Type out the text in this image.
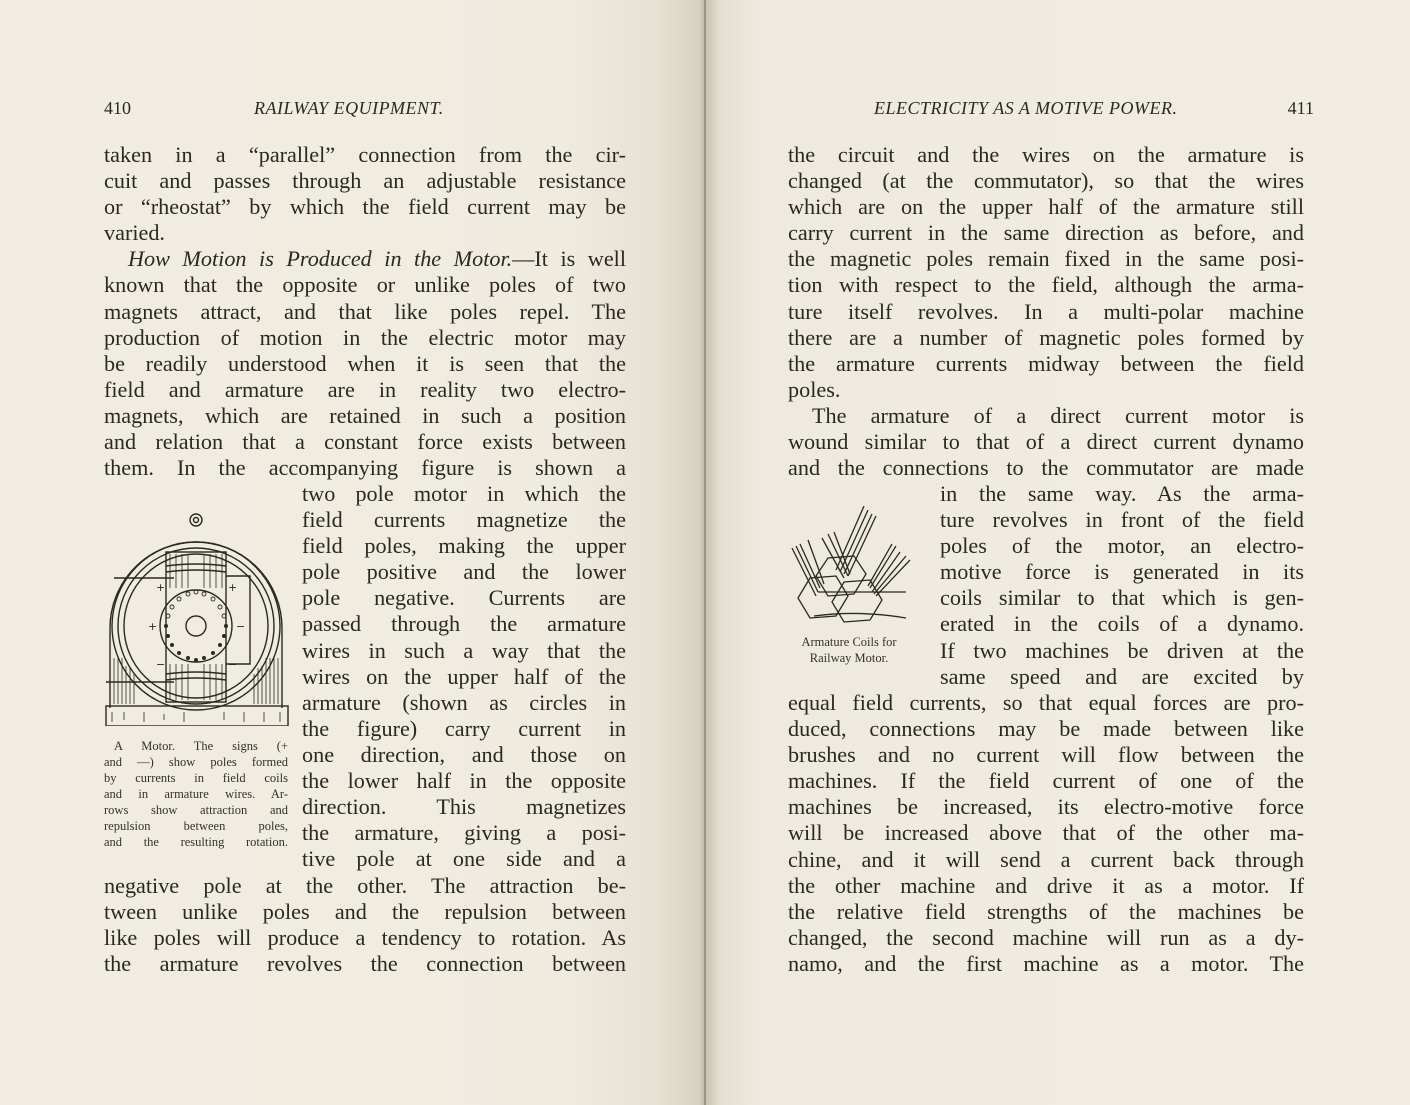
410	RAILWAY EQUIPMENT.
taken in a “parallel” connection from the cir-
cuit and passes through an adjustable resistance
or “rheostat” by which the field current may be
varied.
How Motion is Produced in the Motor.—It is well
known that the opposite or unlike poles of two
magnets attract, and that like poles repel. The
production of motion in the electric motor may
be readily understood when it is seen that the
field and armature are in reality two electro-
magnets, which are retained in such a position
and relation that a constant force exists between
them. In the accompanying figure is shown a
+	+
+	−
−	−
A Motor. The signs (+
and —) show poles formed
by currents in field coils
and in armature wires. Ar-
rows show attraction and
repulsion between poles,
and the resulting rotation.
two pole motor in which the
field currents magnetize the
field poles, making the upper
pole positive and the lower
pole negative. Currents are
passed through the armature
wires in such a way that the
wires on the upper half of the
armature (shown as circles in
the figure) carry current in
one direction, and those on
the lower half in the opposite
direction. This magnetizes
the armature, giving a posi-
tive pole at one side and a
negative pole at the other. The attraction be-
tween unlike poles and the repulsion between
like poles will produce a tendency to rotation. As
the armature revolves the connection between
ELECTRICITY AS A MOTIVE POWER.	411
the circuit and the wires on the armature is
changed (at the commutator), so that the wires
which are on the upper half of the armature still
carry current in the same direction as before, and
the magnetic poles remain fixed in the same posi-
tion with respect to the field, although the arma-
ture itself revolves. In a multi-polar machine
there are a number of magnetic poles formed by
the armature currents midway between the field
poles.
The armature of a direct current motor is
wound similar to that of a direct current dynamo
and the connections to the commutator are made
Armature Coils for
Railway Motor.
in the same way. As the arma-
ture revolves in front of the field
poles of the motor, an electro-
motive force is generated in its
coils similar to that which is gen-
erated in the coils of a dynamo.
If two machines be driven at the
same speed and are excited by
equal field currents, so that equal forces are pro-
duced, connections may be made between like
brushes and no current will flow between the
machines. If the field current of one of the
machines be increased, its electro-motive force
will be increased above that of the other ma-
chine, and it will send a current back through
the other machine and drive it as a motor. If
the relative field strengths of the machines be
changed, the second machine will run as a dy-
namo, and the first machine as a motor. The
